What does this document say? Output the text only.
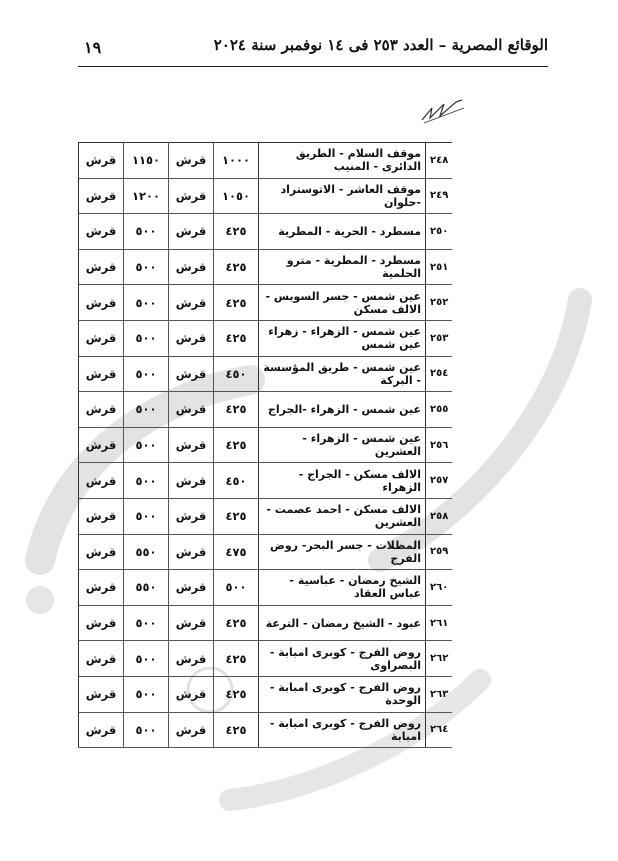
١٩	الوقائع المصرية – العدد ٢٥٣ فى ١٤ نوفمبر سنة ٢٠٢٤
٢٤٨	موقف السلام - الطريق الدائرى - المنيب	١٠٠٠	قرش	١١٥٠	قرش
٢٤٩	موقف العاشر - الاتوستراد -حلوان	١٠٥٠	قرش	١٢٠٠	قرش
٢٥٠	مسطرد - الحرية - المطرية	٤٢٥	قرش	٥٠٠	قرش
٢٥١	مسطرد - المطرية - مترو الحلمية	٤٢٥	قرش	٥٠٠	قرش
٢٥٢	عين شمس - جسر السويس - الالف مسكن	٤٢٥	قرش	٥٠٠	قرش
٢٥٣	عين شمس - الزهراء - زهراء عين شمس	٤٢٥	قرش	٥٠٠	قرش
٢٥٤	عين شمس - طريق المؤسسة - البركة	٤٥٠	قرش	٥٠٠	قرش
٢٥٥	عين شمس - الزهراء -الجراج	٤٢٥	قرش	٥٠٠	قرش
٢٥٦	عين شمس - الزهراء - العشرين	٤٢٥	قرش	٥٠٠	قرش
٢٥٧	الالف مسكن - الجراج - الزهراء	٤٥٠	قرش	٥٠٠	قرش
٢٥٨	الالف مسكن - احمد عصمت - العشرين	٤٢٥	قرش	٥٠٠	قرش
٢٥٩	المظلات - جسر البحر- روض الفرج	٤٧٥	قرش	٥٥٠	قرش
٢٦٠	الشيخ رمضان - عباسية - عباس العقاد	٥٠٠	قرش	٥٥٠	قرش
٢٦١	عبود - الشيخ رمضان - الترعة	٤٢٥	قرش	٥٠٠	قرش
٢٦٢	روض الفرج - كوبرى امبابة - البصراوى	٤٢٥	قرش	٥٠٠	قرش
٢٦٣	روض الفرج - كوبرى امبابة - الوحدة	٤٢٥	قرش	٥٠٠	قرش
٢٦٤	روض الفرج - كوبرى امبابة - امبابة	٤٢٥	قرش	٥٠٠	قرش
